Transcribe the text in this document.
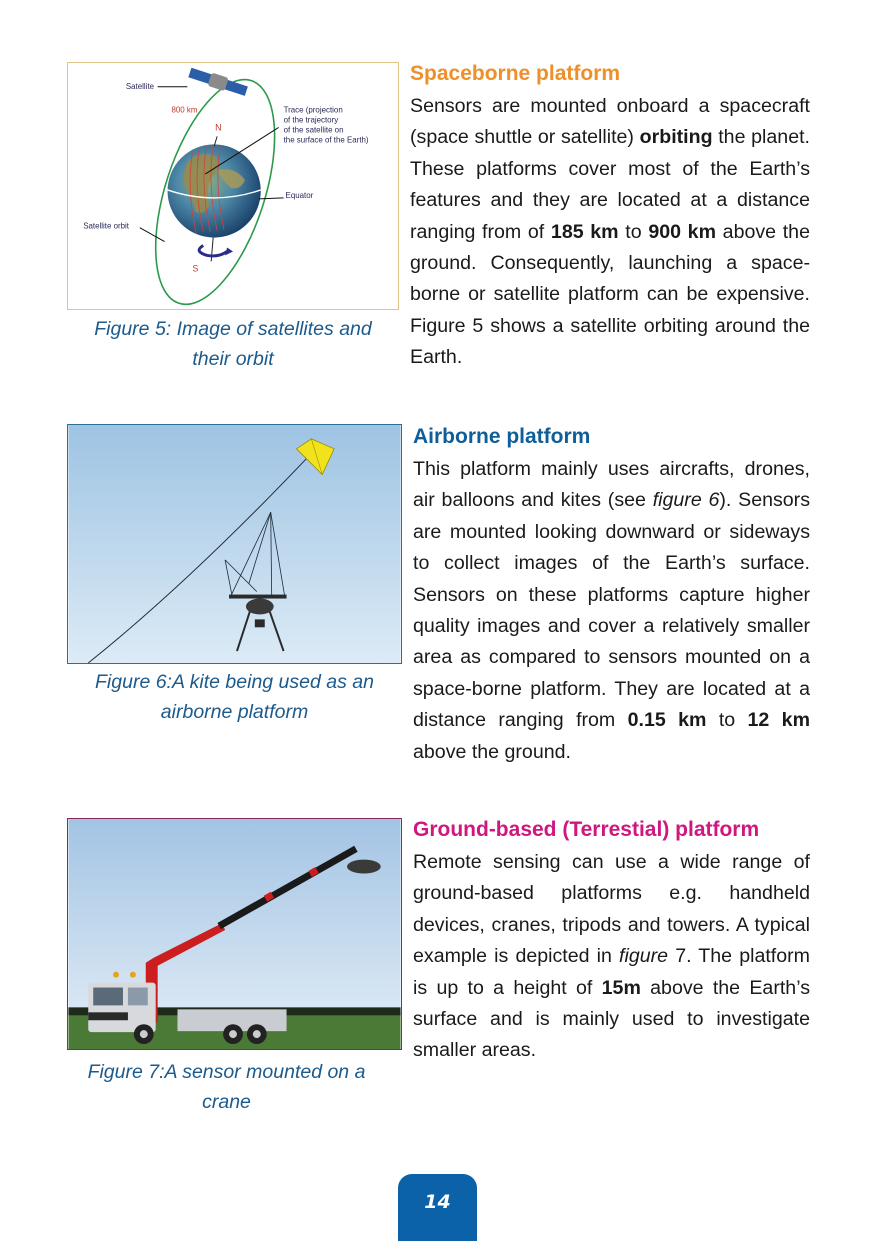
Satellite
800 km
N
S
Trace (projection
of the trajectory
of the satellite on
the surface of the Earth)
Equator
Satellite orbit
Figure 5: Image of satellites and
their orbit
Figure 6:A kite being used as an
airborne platform
Figure 7:A sensor mounted on a
crane
Spaceborne platform

Sensors are mounted onboard a spacecraft (space shuttle or satellite) orbiting the planet. These platforms cover most of the Earth’s features and they are located at a distance ranging from of 185 km to 900 km above the ground. Consequently, launching a space-borne or satellite platform can be expensive. Figure 5 shows a satellite orbiting around the Earth.

Airborne platform

This platform mainly uses aircrafts, drones, air balloons and kites (see figure 6). Sensors are mounted looking downward or sideways to collect images of the Earth’s surface. Sensors on these platforms capture higher quality images and cover a relatively smaller area as compared to sensors mounted on a space-borne platform. They are located at a distance ranging from 0.15 km to 12 km above the ground.

Ground-based (Terrestial) platform

Remote sensing can use a wide range of ground-based platforms e.g. handheld devices, cranes, tripods and towers. A typical example is depicted in figure 7. The platform is up to a height of 15m above the Earth’s surface and is mainly used to investigate smaller areas.

14
